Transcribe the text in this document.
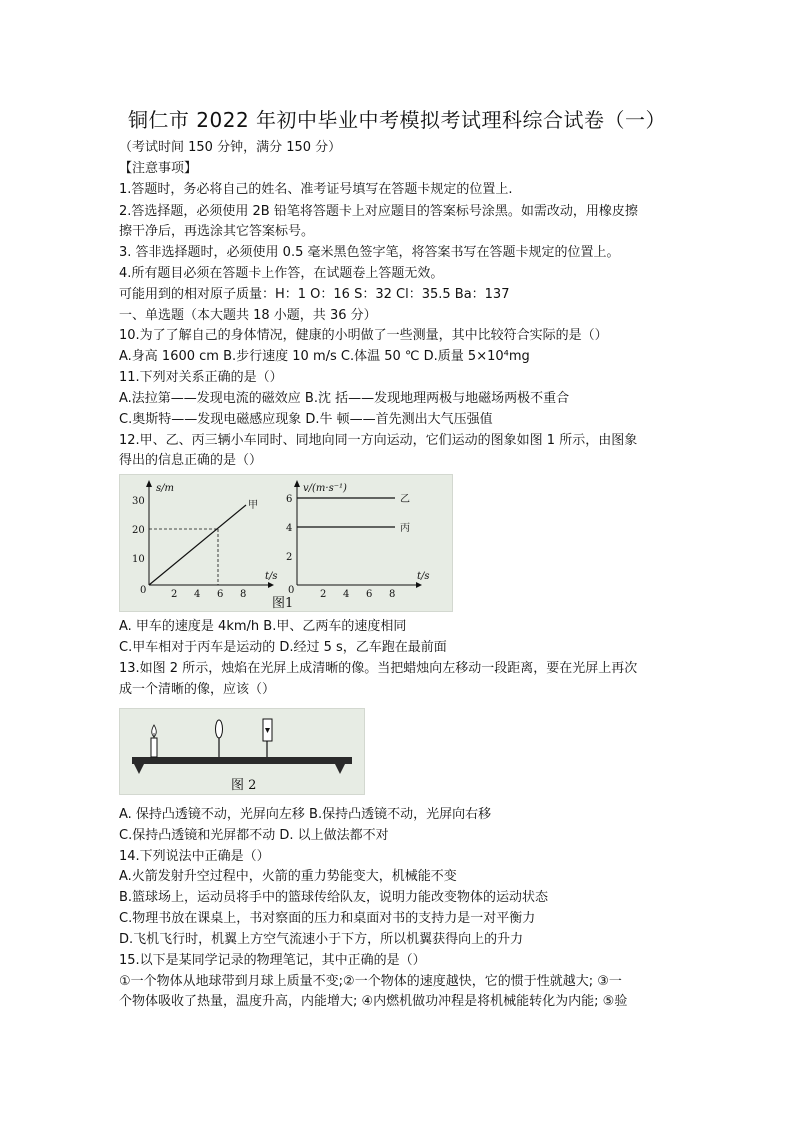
铜仁市 2022 年初中毕业中考模拟考试理科综合试卷（一）
（考试时间 150 分钟，满分 150 分）
【注意事项】
1.答题时，务必将自己的姓名、准考证号填写在答题卡规定的位置上.
2.答选择题，必须使用 2B 铅笔将答题卡上对应题目的答案标号涂黑。如需改动，用橡皮擦
擦干净后，再选涂其它答案标号。
3. 答非选择题时，必须使用 0.5 毫米黑色签字笔，将答案书写在答题卡规定的位置上。
4.所有题目必须在答题卡上作答，在试题卷上答题无效。
可能用到的相对原子质量：H：1 O：16 S：32 Cl：35.5 Ba：137
一、单选题（本大题共 18 小题，共 36 分）
10.为了了解自己的身体情况，健康的小明做了一些测量，其中比较符合实际的是（）
A.身高 1600 cm B.步行速度 10 m/s C.体温 50 ℃ D.质量 5×10⁴mg
11.下列对关系正确的是（）
A.法拉第——发现电流的磁效应 B.沈 括——发现地理两极与地磁场两极不重合
C.奥斯特——发现电磁感应现象 D.牛 顿——首先测出大气压强值
12.甲、乙、丙三辆小车同时、同地向同一方向运动，它们运动的图象如图 1 所示，由图象
得出的信息正确的是（）
s/m
t/s
30
20
10
0 2 4 6 8
甲
v/(m·s⁻¹)
t/s
6
4
2
0	2 4 6 8
乙
丙
图1
A. 甲车的速度是 4km/h B.甲、乙两车的速度相同
C.甲车相对于丙车是运动的 D.经过 5 s，乙车跑在最前面
13.如图 2 所示，烛焰在光屏上成清晰的像。当把蜡烛向左移动一段距离，要在光屏上再次
成一个清晰的像，应该（）
图 2
A. 保持凸透镜不动，光屏向左移 B.保持凸透镜不动，光屏向右移
C.保持凸透镜和光屏都不动 D. 以上做法都不对
14.下列说法中正确是（）
A.火箭发射升空过程中，火箭的重力势能变大，机械能不变
B.篮球场上，运动员将手中的篮球传给队友，说明力能改变物体的运动状态
C.物理书放在课桌上，书对察面的压力和桌面对书的支持力是一对平衡力
D.飞机飞行时，机翼上方空气流速小于下方，所以机翼获得向上的升力
15.以下是某同学记录的物理笔记，其中正确的是（）
①一个物体从地球带到月球上质量不变;②一个物体的速度越快，它的惯于性就越大; ③一
个物体吸收了热量，温度升高，内能增大; ④内燃机做功冲程是将机械能转化为内能; ⑤验
